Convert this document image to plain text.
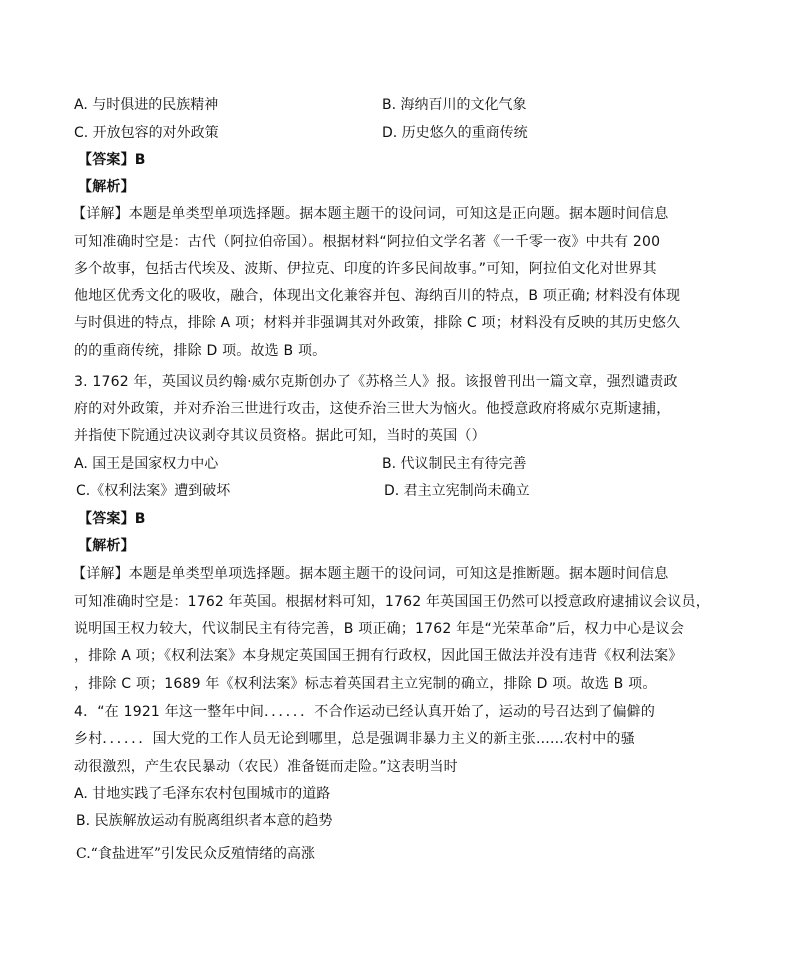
A. 与时俱进的民族精神	B. 海纳百川的文化气象
C. 开放包容的对外政策	D. 历史悠久的重商传统
【答案】B
【解析】
【详解】本题是单类型单项选择题。据本题主题干的设问词，可知这是正向题。据本题时间信息
可知准确时空是：古代（阿拉伯帝国）。根据材料“阿拉伯文学名著《一千零一夜》中共有 200
多个故事，包括古代埃及、波斯、伊拉克、印度的许多民间故事。”可知，阿拉伯文化对世界其
他地区优秀文化的吸收，融合，体现出文化兼容并包、海纳百川的特点，B 项正确; 材料没有体现
与时俱进的特点，排除 A 项；材料并非强调其对外政策，排除 C 项；材料没有反映的其历史悠久
的的重商传统，排除 D 项。故选 B 项。
3. 1762 年，英国议员约翰·威尔克斯创办了《苏格兰人》报。该报曾刊出一篇文章，强烈谴责政
府的对外政策，并对乔治三世进行攻击，这使乔治三世大为恼火。他授意政府将威尔克斯逮捕，
并指使下院通过决议剥夺其议员资格。据此可知，当时的英国（）
A. 国王是国家权力中心	B. 代议制民主有待完善
C.《权利法案》遭到破坏	D. 君主立宪制尚未确立
【答案】B
【解析】
【详解】本题是单类型单项选择题。据本题主题干的设问词，可知这是推断题。据本题时间信息
可知准确时空是：1762 年英国。根据材料可知，1762 年英国国王仍然可以授意政府逮捕议会议员，
说明国王权力较大，代议制民主有待完善，B 项正确；1762 年是“光荣革命”后，权力中心是议会
，排除 A 项；《权利法案》本身规定英国国王拥有行政权，因此国王做法并没有违背《权利法案》
，排除 C 项；1689 年《权利法案》标志着英国君主立宪制的确立，排除 D 项。故选 B 项。
4．“在 1921 年这一整年中间．．．．．．不合作运动已经认真开始了，运动的号召达到了偏僻的
乡村．．．．．．国大党的工作人员无论到哪里，总是强调非暴力主义的新主张......农村中的骚
动很激烈，产生农民暴动（农民）准备铤而走险。”这表明当时
A. 甘地实践了毛泽东农村包围城市的道路
B. 民族解放运动有脱离组织者本意的趋势
C.“食盐进军”引发民众反殖情绪的高涨
